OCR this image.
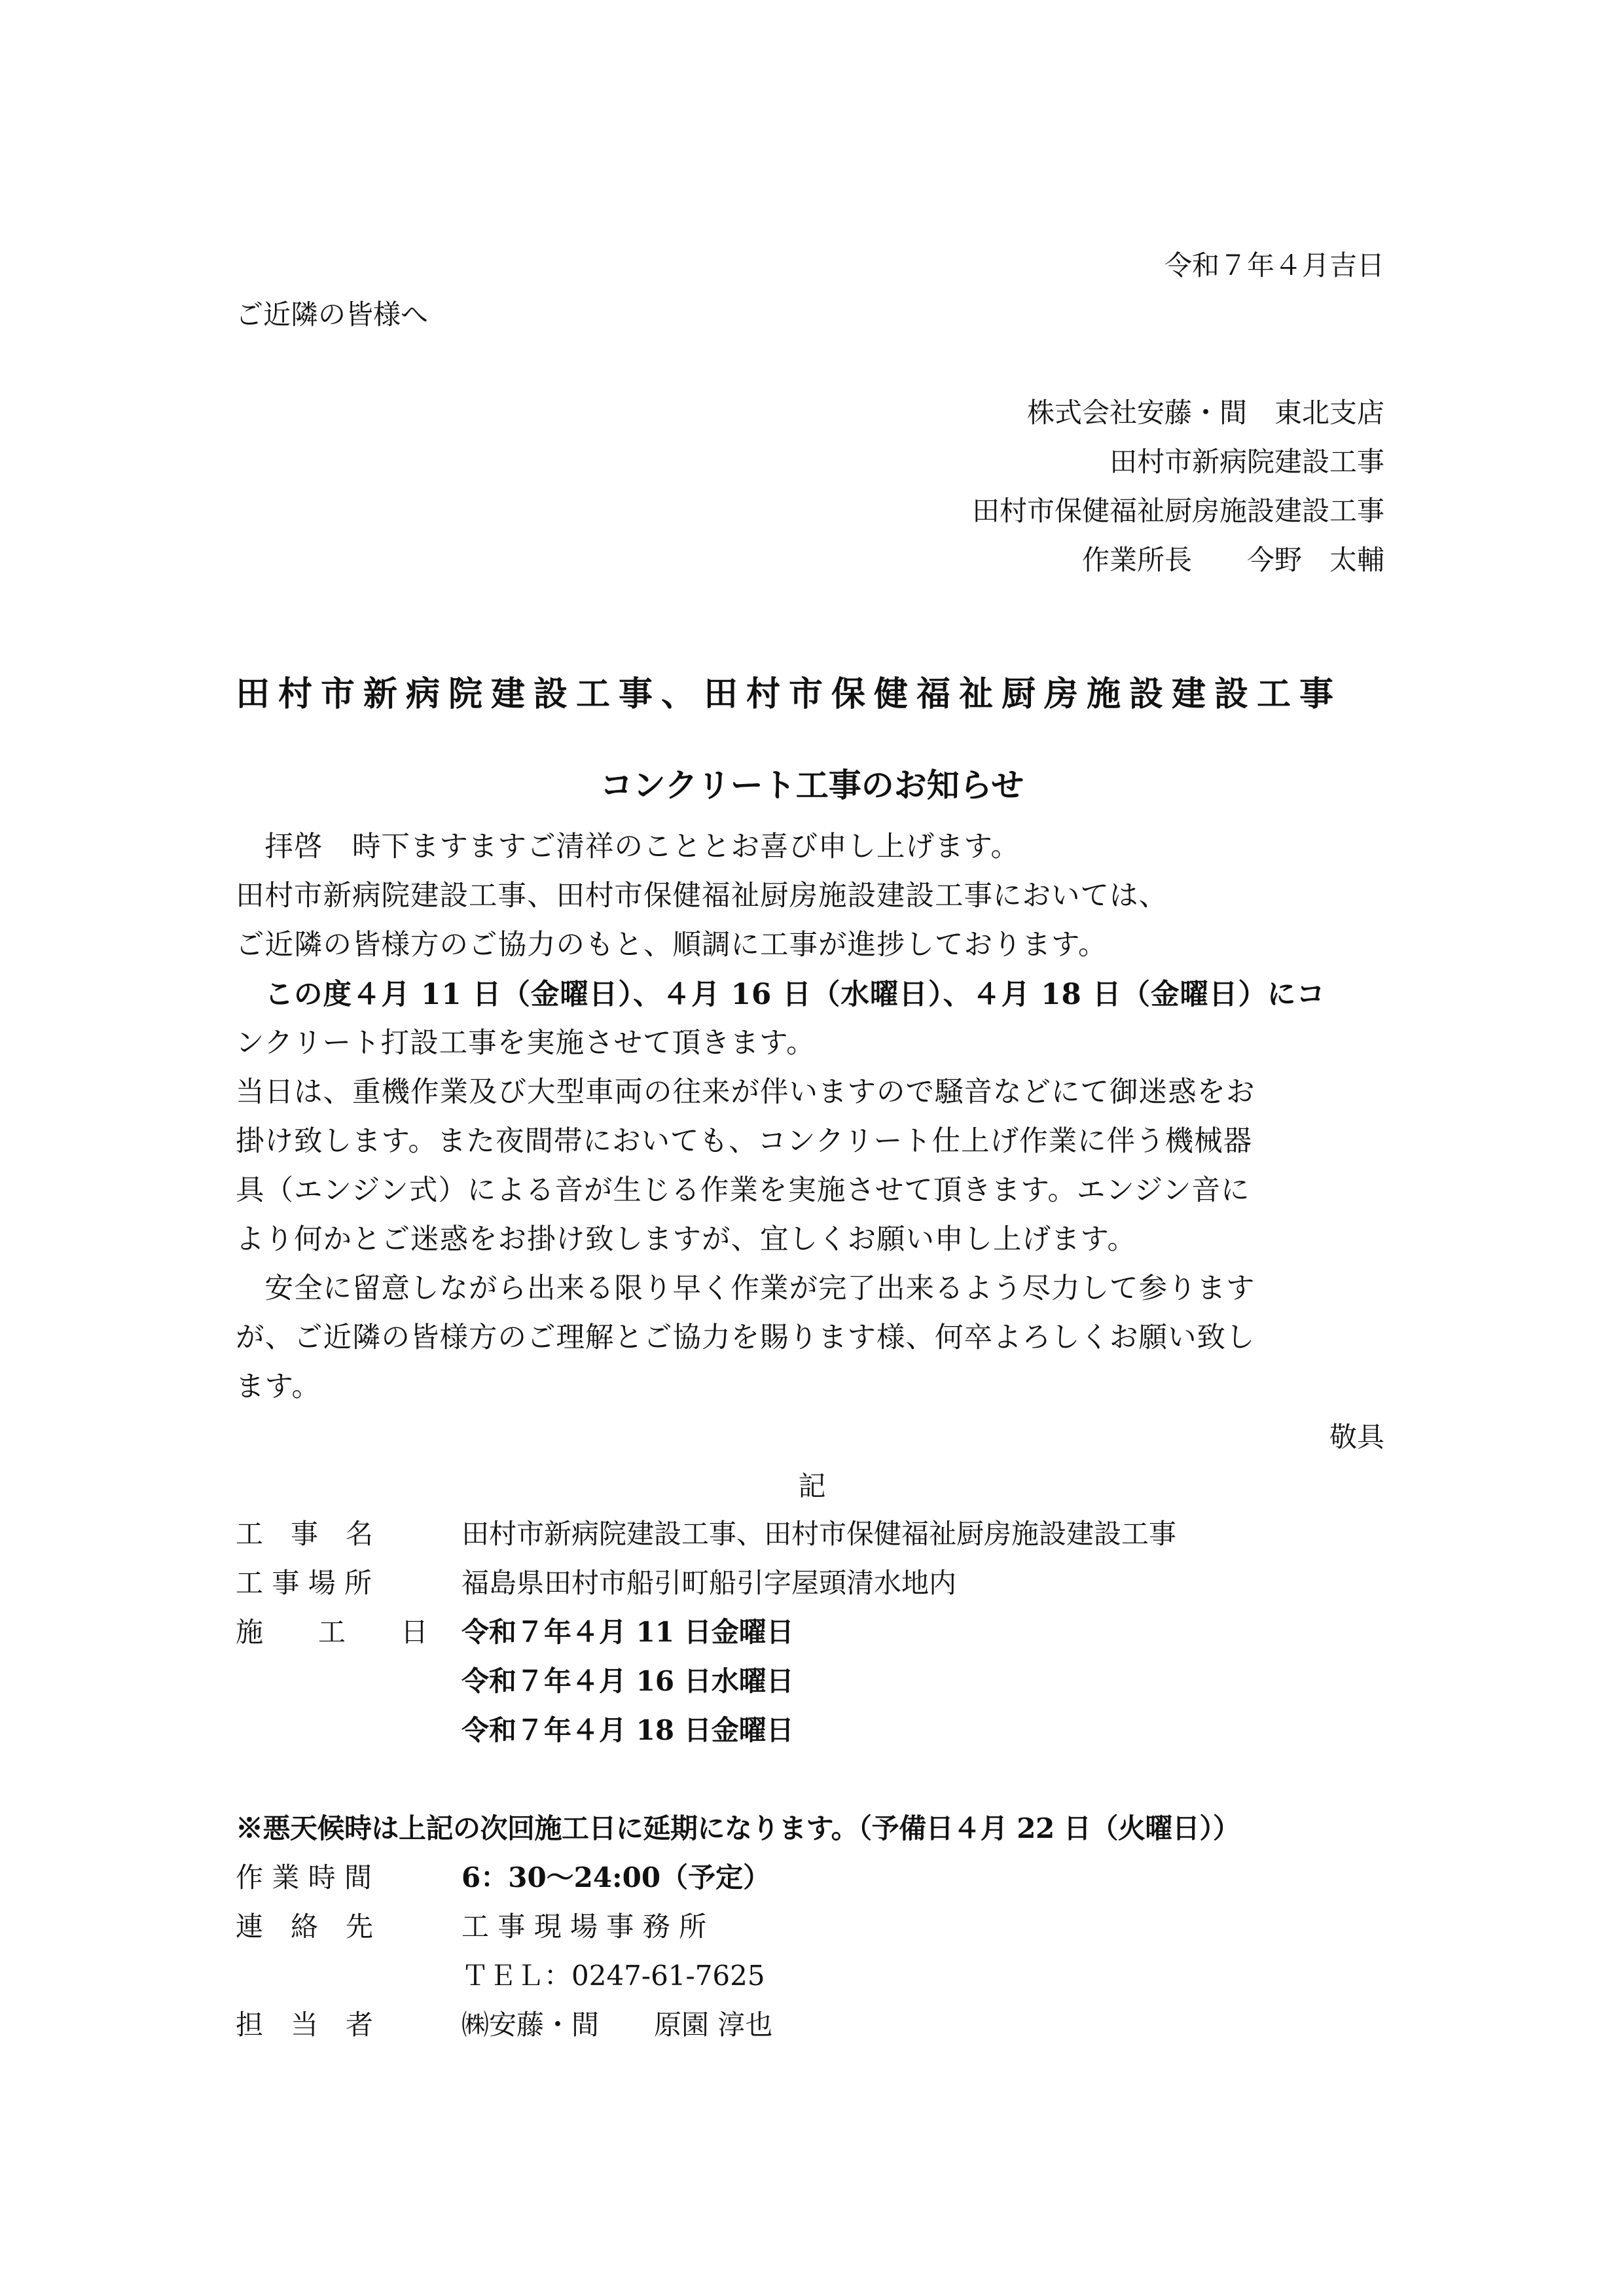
令和７年４月吉日
ご近隣の皆様へ
株式会社安藤・間　東北支店
田村市新病院建設工事
田村市保健福祉厨房施設建設工事
作業所長　　今野　太輔
田村市新病院建設工事、田村市保健福祉厨房施設建設工事
コンクリート工事のお知らせ
　拝啓　時下ますますご清祥のこととお喜び申し上げます。
田村市新病院建設工事、田村市保健福祉厨房施設建設工事においては、
ご近隣の皆様方のご協力のもと、順調に工事が進捗しております。
　この度４月 11 日（金曜日）、４月 16 日（水曜日）、４月 18 日（金曜日）にコ
ンクリート打設工事を実施させて頂きます。
当日は、重機作業及び大型車両の往来が伴いますので騒音などにて御迷惑をお
掛け致します。また夜間帯においても、コンクリート仕上げ作業に伴う機械器
具（エンジン式）による音が生じる作業を実施させて頂きます。エンジン音に
より何かとご迷惑をお掛け致しますが、宜しくお願い申し上げます。
　安全に留意しながら出来る限り早く作業が完了出来るよう尽力して参ります
が、ご近隣の皆様方のご理解とご協力を賜ります様、何卒よろしくお願い致し
ます。
敬具
記
工　事　名	田村市新病院建設工事、田村市保健福祉厨房施設建設工事
工 事 場 所	福島県田村市船引町船引字屋頭清水地内
施　　工　　日 令和７年４月 11 日金曜日
令和７年４月 16 日水曜日
令和７年４月 18 日金曜日
※悪天候時は上記の次回施工日に延期になります。（予備日４月 22 日（火曜日））
作 業 時 間	6：30～24:00（予定）
連　絡　先	工 事 現 場 事 務 所
ＴＥＬ：0247-61-7625
担　当　者	㈱安藤・間　　原園 淳也
